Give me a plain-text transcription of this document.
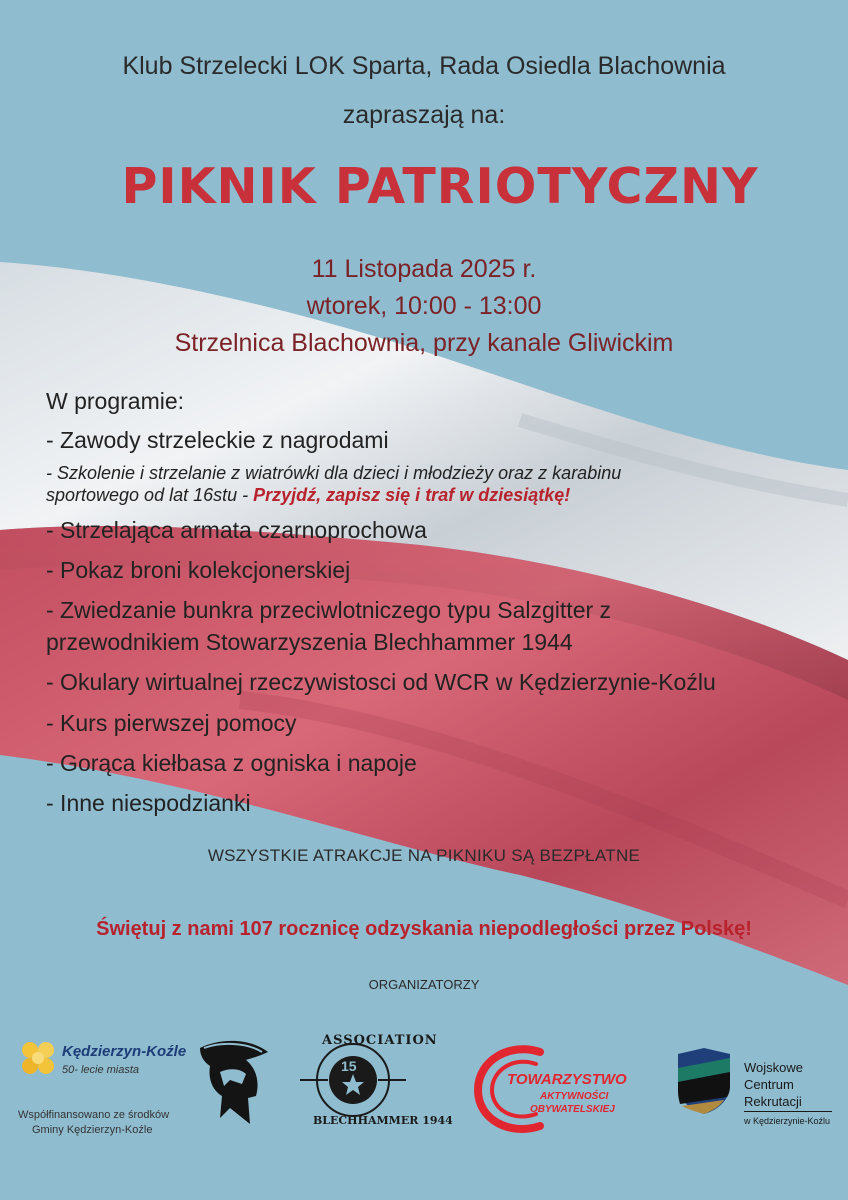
Klub Strzelecki LOK Sparta, Rada Osiedla Blachownia
zapraszają na:
PIKNIK PATRIOTYCZNY
11 Listopada 2025 r.
wtorek, 10:00 - 13:00
Strzelnica Blachownia, przy kanale Gliwickim
W programie:
- Zawody strzeleckie z nagrodami
- Szkolenie i strzelanie z wiatrówki dla dzieci i młodzieży oraz z karabinu
sportowego od lat 16stu - Przyjdź, zapisz się i traf w dziesiątkę!
- Strzelająca armata czarnoprochowa
- Pokaz broni kolekcjonerskiej
- Zwiedzanie bunkra przeciwlotniczego typu Salzgitter z
przewodnikiem Stowarzyszenia Blechhammer 1944
- Okulary wirtualnej rzeczywistosci od WCR w Kędzierzynie-Koźlu
- Kurs pierwszej pomocy
- Gorąca kiełbasa z ogniska i napoje
- Inne niespodzianki
WSZYSTKIE ATRAKCJE NA PIKNIKU SĄ BEZPŁATNE
Świętuj z nami 107 rocznicę odzyskania niepodległości przez Polskę!
ORGANIZATORZY
Kędzierzyn-Koźle
50- lecie miasta
Współfinansowano ze środków
Gminy Kędzierzyn-Koźle
ASSOCIATION
15
BLECHHAMMER 1944
TOWARZYSTWO
AKTYWNOŚCI
OBYWATELSKIEJ
Wojskowe
Centrum
Rekrutacji
w Kędzierzynie-Koźlu
